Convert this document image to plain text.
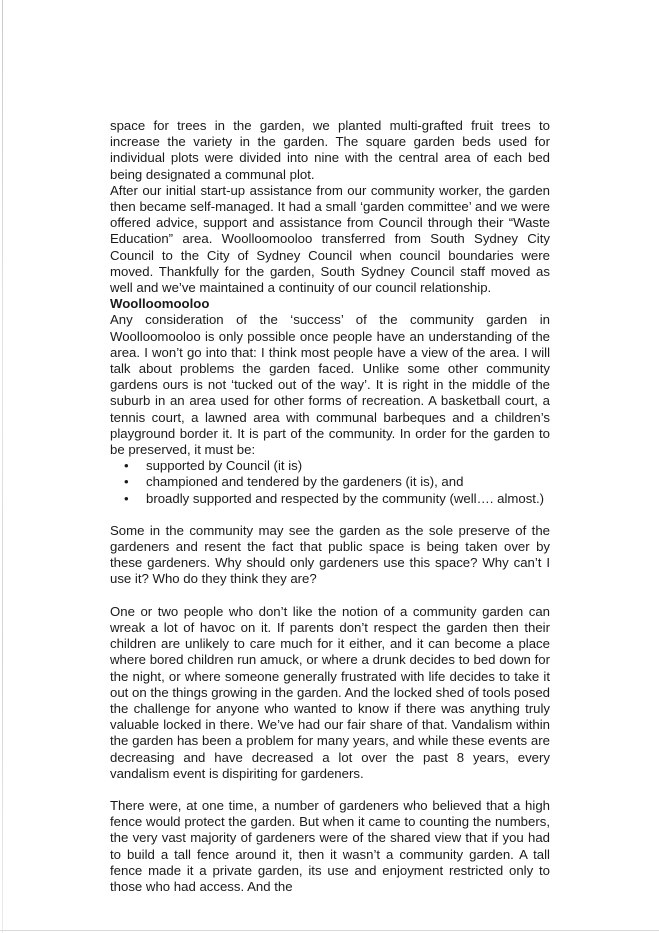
space for trees in the garden, we planted multi-grafted fruit trees to increase the variety in the garden. The square garden beds used for individual plots were divided into nine with the central area of each bed being designated a communal plot.

After our initial start-up assistance from our community worker, the garden then became self-managed. It had a small ‘garden committee’ and we were offered advice, support and assistance from Council through their “Waste Education” area. Woolloomooloo transferred from South Sydney City Council to the City of Sydney Council when council boundaries were moved. Thankfully for the garden, South Sydney Council staff moved as well and we’ve maintained a continuity of our council relationship.

Woolloomooloo

Any consideration of the ‘success’ of the community garden in Woolloomooloo is only possible once people have an understanding of the area. I won’t go into that: I think most people have a view of the area. I will talk about problems the garden faced. Unlike some other community gardens ours is not ‘tucked out of the way’. It is right in the middle of the suburb in an area used for other forms of recreation. A basketball court, a tennis court, a lawned area with communal barbeques and a children’s playground border it. It is part of the community. In order for the garden to be preserved, it must be:

• supported by Council (it is)
• championed and tendered by the gardeners (it is), and
• broadly supported and respected by the community (well…. almost.)

Some in the community may see the garden as the sole preserve of the gardeners and resent the fact that public space is being taken over by these gardeners. Why should only gardeners use this space? Why can’t I use it? Who do they think they are?

One or two people who don’t like the notion of a community garden can wreak a lot of havoc on it. If parents don’t respect the garden then their children are unlikely to care much for it either, and it can become a place where bored children run amuck, or where a drunk decides to bed down for the night, or where someone generally frustrated with life decides to take it out on the things growing in the garden. And the locked shed of tools posed the challenge for anyone who wanted to know if there was anything truly valuable locked in there. We’ve had our fair share of that. Vandalism within the garden has been a problem for many years, and while these events are decreasing and have decreased a lot over the past 8 years, every vandalism event is dispiriting for gardeners.

There were, at one time, a number of gardeners who believed that a high fence would protect the garden. But when it came to counting the numbers, the very vast majority of gardeners were of the shared view that if you had to build a tall fence around it, then it wasn’t a community garden. A tall fence made it a private garden, its use and enjoyment restricted only to those who had access. And the
